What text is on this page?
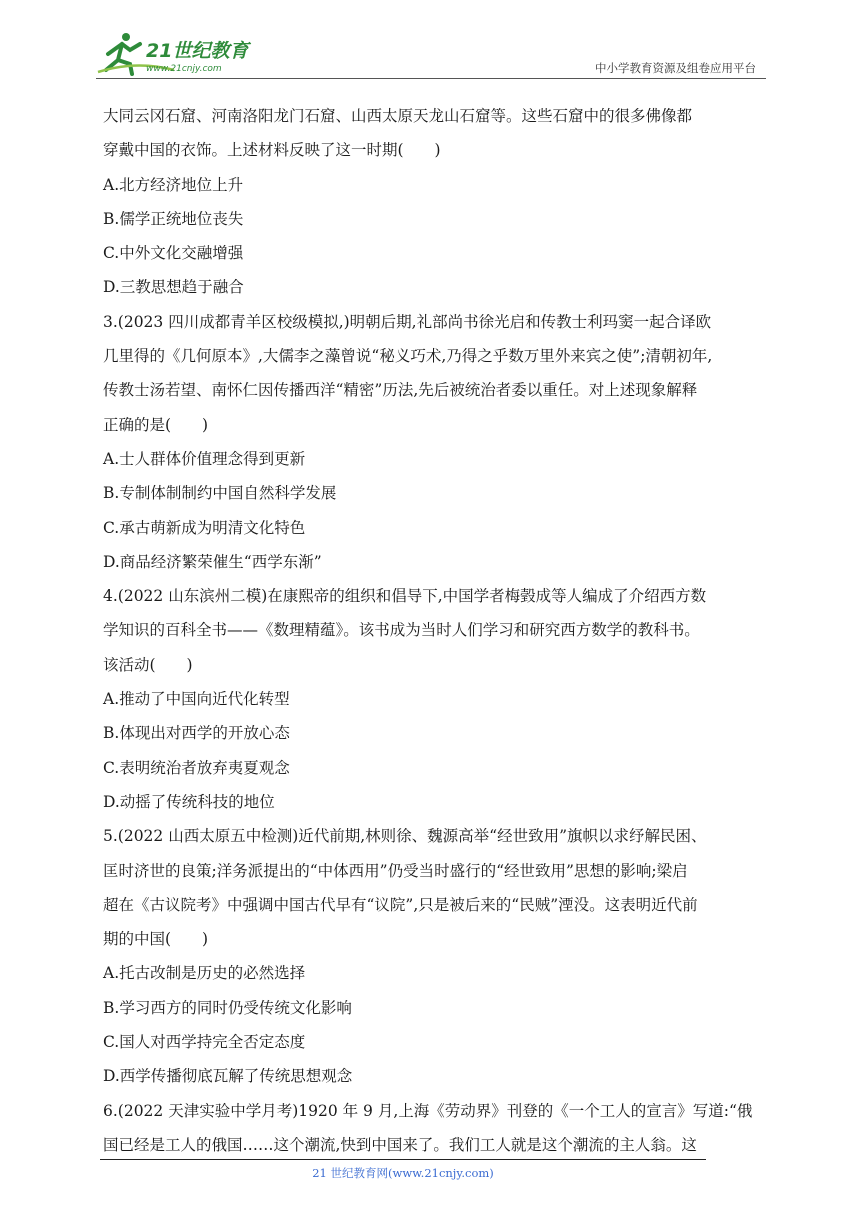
21世纪教育
www.21cnjy.com	中小学教育资源及组卷应用平台

大同云冈石窟、河南洛阳龙门石窟、山西太原天龙山石窟等。这些石窟中的很多佛像都

穿戴中国的衣饰。上述材料反映了这一时期(　　)

A.北方经济地位上升

B.儒学正统地位丧失

C.中外文化交融增强

D.三教思想趋于融合

3.(2023 四川成都青羊区校级模拟,)明朝后期,礼部尚书徐光启和传教士利玛窦一起合译欧

几里得的《几何原本》,大儒李之藻曾说“秘义巧术,乃得之乎数万里外来宾之使”;清朝初年,

传教士汤若望、南怀仁因传播西洋“精密”历法,先后被统治者委以重任。对上述现象解释

正确的是(　　)

A.士人群体价值理念得到更新

B.专制体制制约中国自然科学发展

C.承古萌新成为明清文化特色

D.商品经济繁荣催生“西学东渐”

4.(2022 山东滨州二模)在康熙帝的组织和倡导下,中国学者梅瑴成等人编成了介绍西方数

学知识的百科全书——《数理精蕴》。该书成为当时人们学习和研究西方数学的教科书。

该活动(　　)

A.推动了中国向近代化转型

B.体现出对西学的开放心态

C.表明统治者放弃夷夏观念

D.动摇了传统科技的地位

5.(2022 山西太原五中检测)近代前期,林则徐、魏源高举“经世致用”旗帜以求纾解民困、

匡时济世的良策;洋务派提出的“中体西用”仍受当时盛行的“经世致用”思想的影响;梁启

超在《古议院考》中强调中国古代早有“议院”,只是被后来的“民贼”湮没。这表明近代前

期的中国(　　)

A.托古改制是历史的必然选择

B.学习西方的同时仍受传统文化影响

C.国人对西学持完全否定态度

D.西学传播彻底瓦解了传统思想观念

6.(2022 天津实验中学月考)1920 年 9 月,上海《劳动界》刊登的《一个工人的宣言》写道:“俄

国已经是工人的俄国……这个潮流,快到中国来了。我们工人就是这个潮流的主人翁。这

21 世纪教育网(www.21cnjy.com)
